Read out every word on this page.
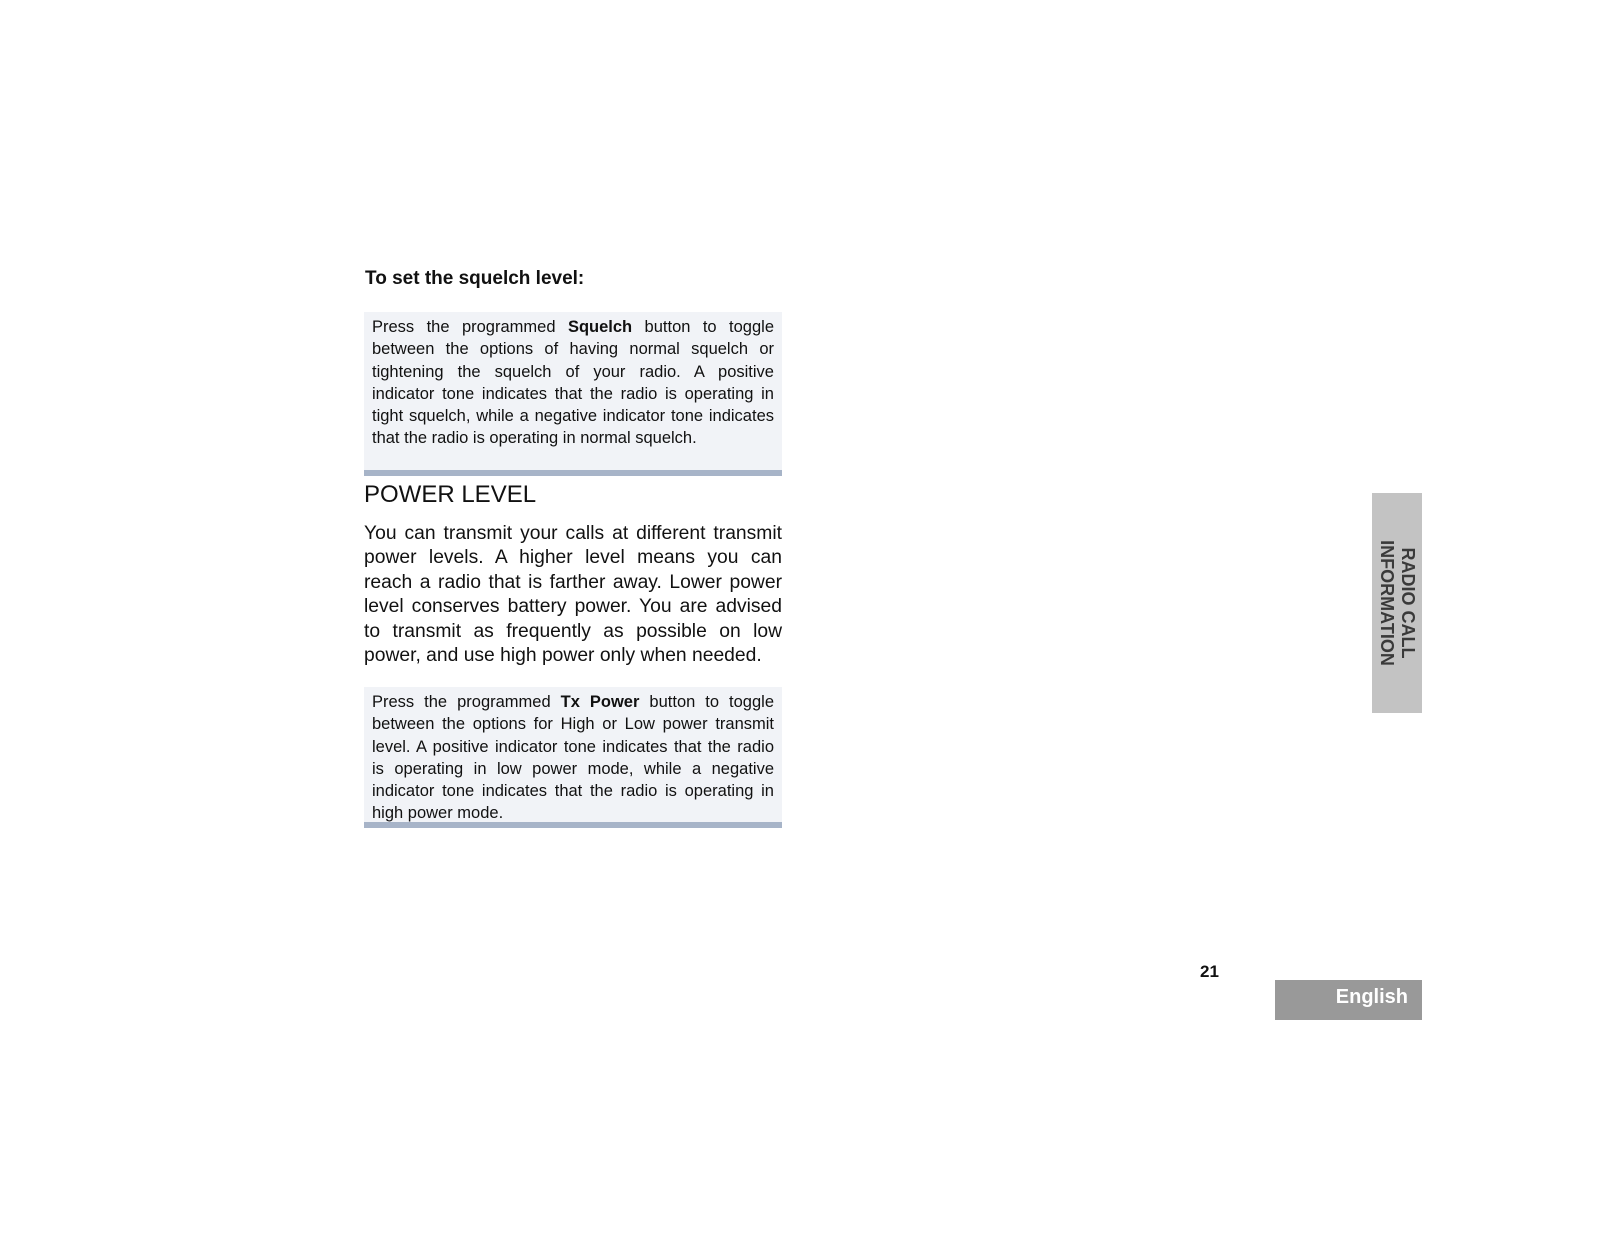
To set the squelch level:

Press the programmed Squelch button to toggle between the options of having normal squelch or tightening the squelch of your radio. A positive indicator tone indicates that the radio is operating in tight squelch, while a negative indicator tone indicates that the radio is operating in normal squelch.

POWER LEVEL

You can transmit your calls at different transmit power levels. A higher level means you can reach a radio that is farther away. Lower power level conserves battery power. You are advised to transmit as frequently as possible on low power, and use high power only when needed.

Press the programmed Tx Power button to toggle between the options for High or Low power transmit level. A positive indicator tone indicates that the radio is operating in low power mode, while a negative indicator tone indicates that the radio is operating in high power mode.

RADIO CALL
INFORMATION
21
English
